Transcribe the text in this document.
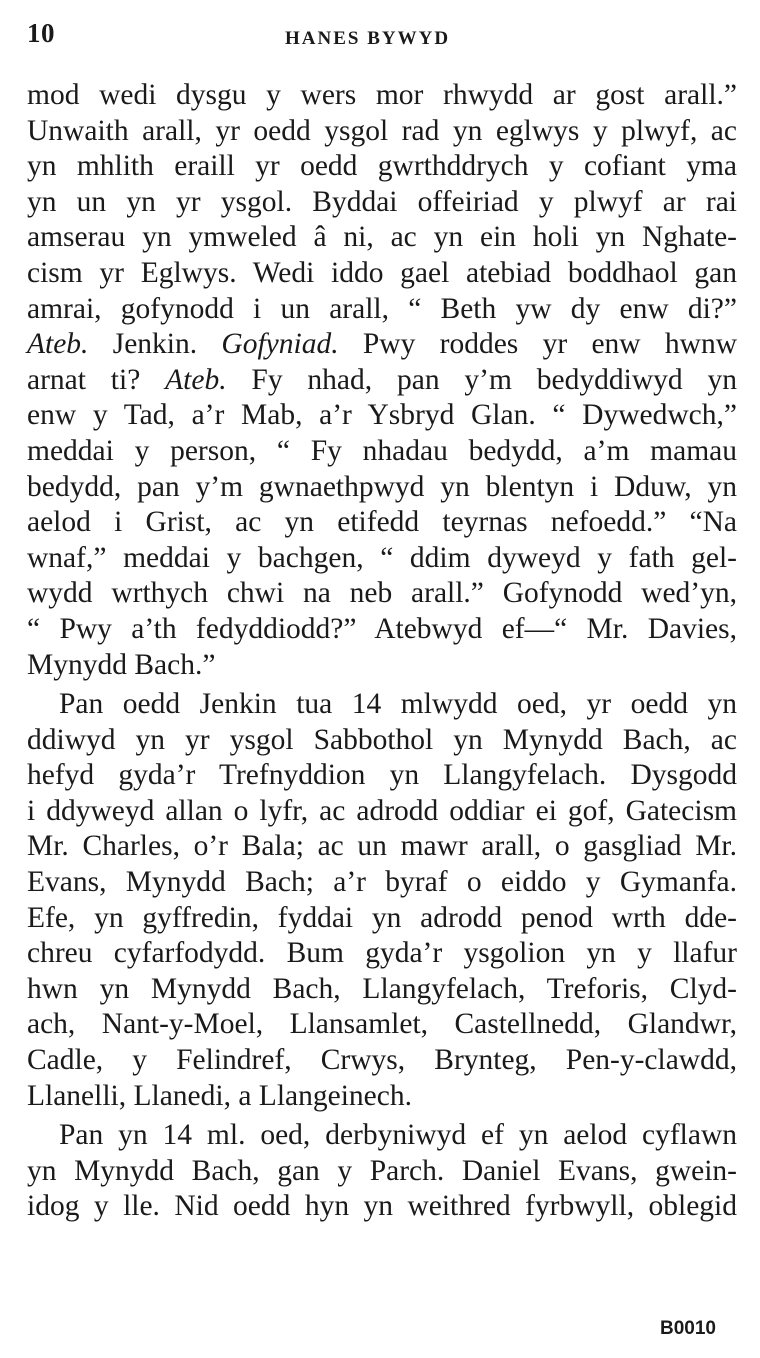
10	HANES BYWYD
mod wedi dysgu y wers mor rhwydd ar gost arall.”
Unwaith arall, yr oedd ysgol rad yn eglwys y plwyf, ac
yn mhlith eraill yr oedd gwrthddrych y cofiant yma
yn un yn yr ysgol. Byddai offeiriad y plwyf ar rai
amserau yn ymweled â ni, ac yn ein holi yn Nghate-
cism yr Eglwys. Wedi iddo gael atebiad boddhaol gan
amrai, gofynodd i un arall, “ Beth yw dy enw di?”
Ateb. Jenkin. Gofyniad. Pwy roddes yr enw hwnw
arnat ti? Ateb. Fy nhad, pan y’m bedyddiwyd yn
enw y Tad, a’r Mab, a’r Ysbryd Glan. “ Dywedwch,”
meddai y person, “ Fy nhadau bedydd, a’m mamau
bedydd, pan y’m gwnaethpwyd yn blentyn i Dduw, yn
aelod i Grist, ac yn etifedd teyrnas nefoedd.” “Na
wnaf,” meddai y bachgen, “ ddim dyweyd y fath gel-
wydd wrthych chwi na neb arall.” Gofynodd wed’yn,
“ Pwy a’th fedyddiodd?” Atebwyd ef—“ Mr. Davies,
Mynydd Bach.”
Pan oedd Jenkin tua 14 mlwydd oed, yr oedd yn
ddiwyd yn yr ysgol Sabbothol yn Mynydd Bach, ac
hefyd gyda’r Trefnyddion yn Llangyfelach. Dysgodd
i ddyweyd allan o lyfr, ac adrodd oddiar ei gof, Gatecism
Mr. Charles, o’r Bala; ac un mawr arall, o gasgliad Mr.
Evans, Mynydd Bach; a’r byraf o eiddo y Gymanfa.
Efe, yn gyffredin, fyddai yn adrodd penod wrth dde-
chreu cyfarfodydd. Bum gyda’r ysgolion yn y llafur
hwn yn Mynydd Bach, Llangyfelach, Treforis, Clyd-
ach, Nant-y-Moel, Llansamlet, Castellnedd, Glandwr,
Cadle, y Felindref, Crwys, Brynteg, Pen-y-clawdd,
Llanelli, Llanedi, a Llangeinech.
Pan yn 14 ml. oed, derbyniwyd ef yn aelod cyflawn
yn Mynydd Bach, gan y Parch. Daniel Evans, gwein-
idog y lle. Nid oedd hyn yn weithred fyrbwyll, oblegid
B0010
